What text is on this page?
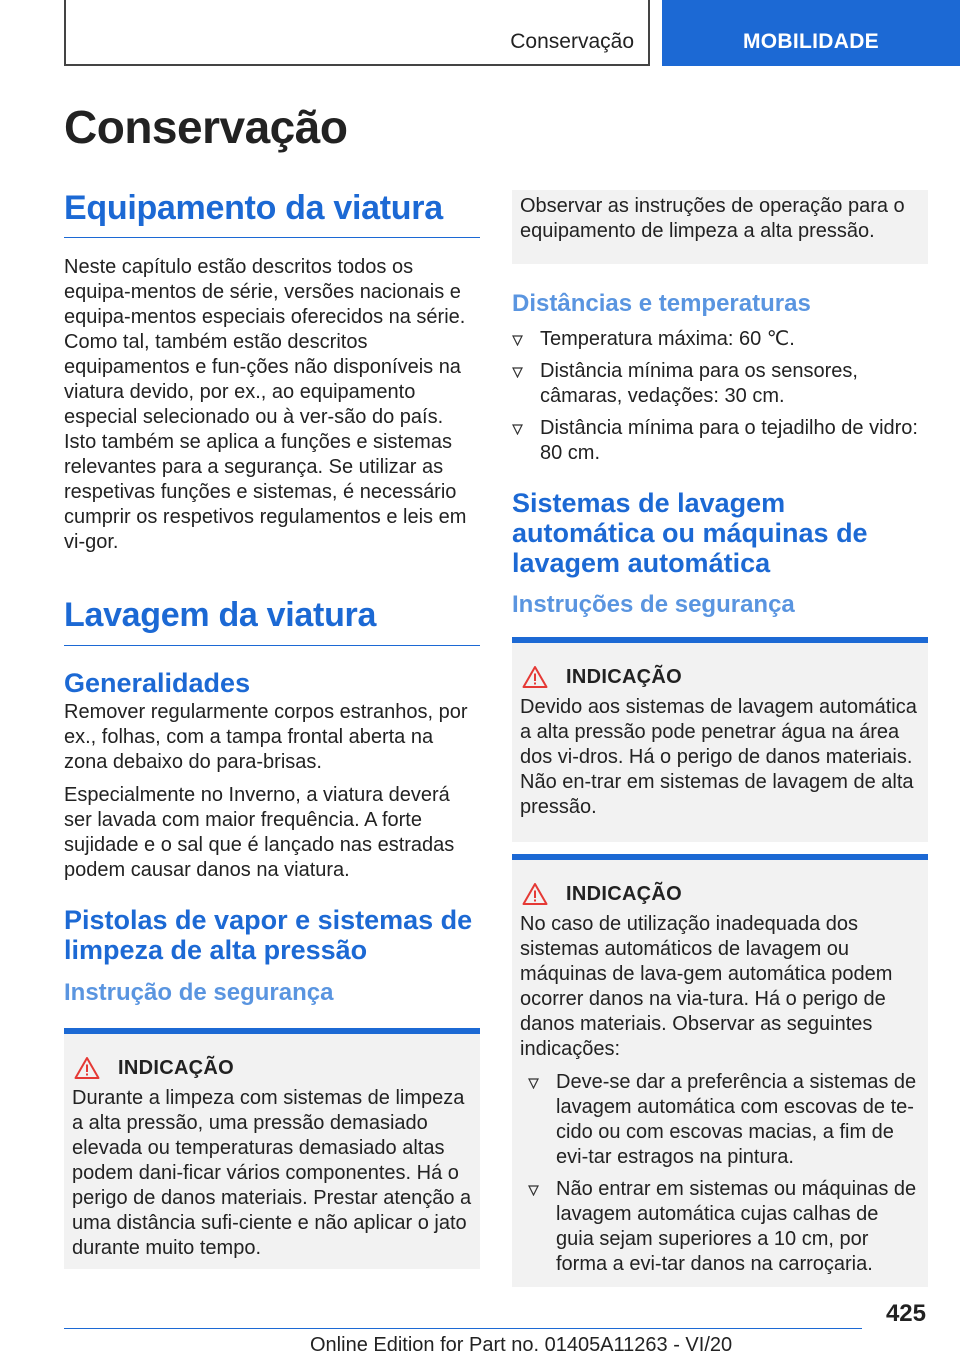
Conservação	MOBILIDADE
Conservação
Equipamento da viatura

Neste capítulo estão descritos todos os equipa-mentos de série, versões nacionais e equipa-mentos especiais oferecidos na série. Como tal, também estão descritos equipamentos e fun-ções não disponíveis na viatura devido, por ex., ao equipamento especial selecionado ou à ver-são do país. Isto também se aplica a funções e sistemas relevantes para a segurança. Se utilizar as respetivas funções e sistemas, é necessário cumprir os respetivos regulamentos e leis em vi-gor.

Lavagem da viatura
Generalidades

Remover regularmente corpos estranhos, por ex., folhas, com a tampa frontal aberta na zona debaixo do para-brisas.

Especialmente no Inverno, a viatura deverá ser lavada com maior frequência. A forte sujidade e o sal que é lançado nas estradas podem causar danos na viatura.

Pistolas de vapor e sistemas de limpeza de alta pressão
Instrução de segurança
INDICAÇÃO

Durante a limpeza com sistemas de limpeza a alta pressão, uma pressão demasiado elevada ou temperaturas demasiado altas podem dani-ficar vários componentes. Há o perigo de danos materiais. Prestar atenção a uma distância sufi-ciente e não aplicar o jato durante muito tempo.

Observar as instruções de operação para o equipamento de limpeza a alta pressão.

Distâncias e temperaturas
Temperatura máxima: 60 ℃.
Distância mínima para os sensores, câmaras, vedações: 30 cm.
Distância mínima para o tejadilho de vidro: 80 cm.
Sistemas de lavagem automática ou máquinas de lavagem automática
Instruções de segurança
INDICAÇÃO

Devido aos sistemas de lavagem automática a alta pressão pode penetrar água na área dos vi-dros. Há o perigo de danos materiais. Não en-trar em sistemas de lavagem de alta pressão.

INDICAÇÃO

No caso de utilização inadequada dos sistemas automáticos de lavagem ou máquinas de lava-gem automática podem ocorrer danos na via-tura. Há o perigo de danos materiais. Observar as seguintes indicações:

Deve-se dar a preferência a sistemas de lavagem automática com escovas de te-cido ou com escovas macias, a fim de evi-tar estragos na pintura.
Não entrar em sistemas ou máquinas de lavagem automática cujas calhas de guia sejam superiores a 10 cm, por forma a evi-tar danos na carroçaria.
425
Online Edition for Part no. 01405A11263 - VI/20
